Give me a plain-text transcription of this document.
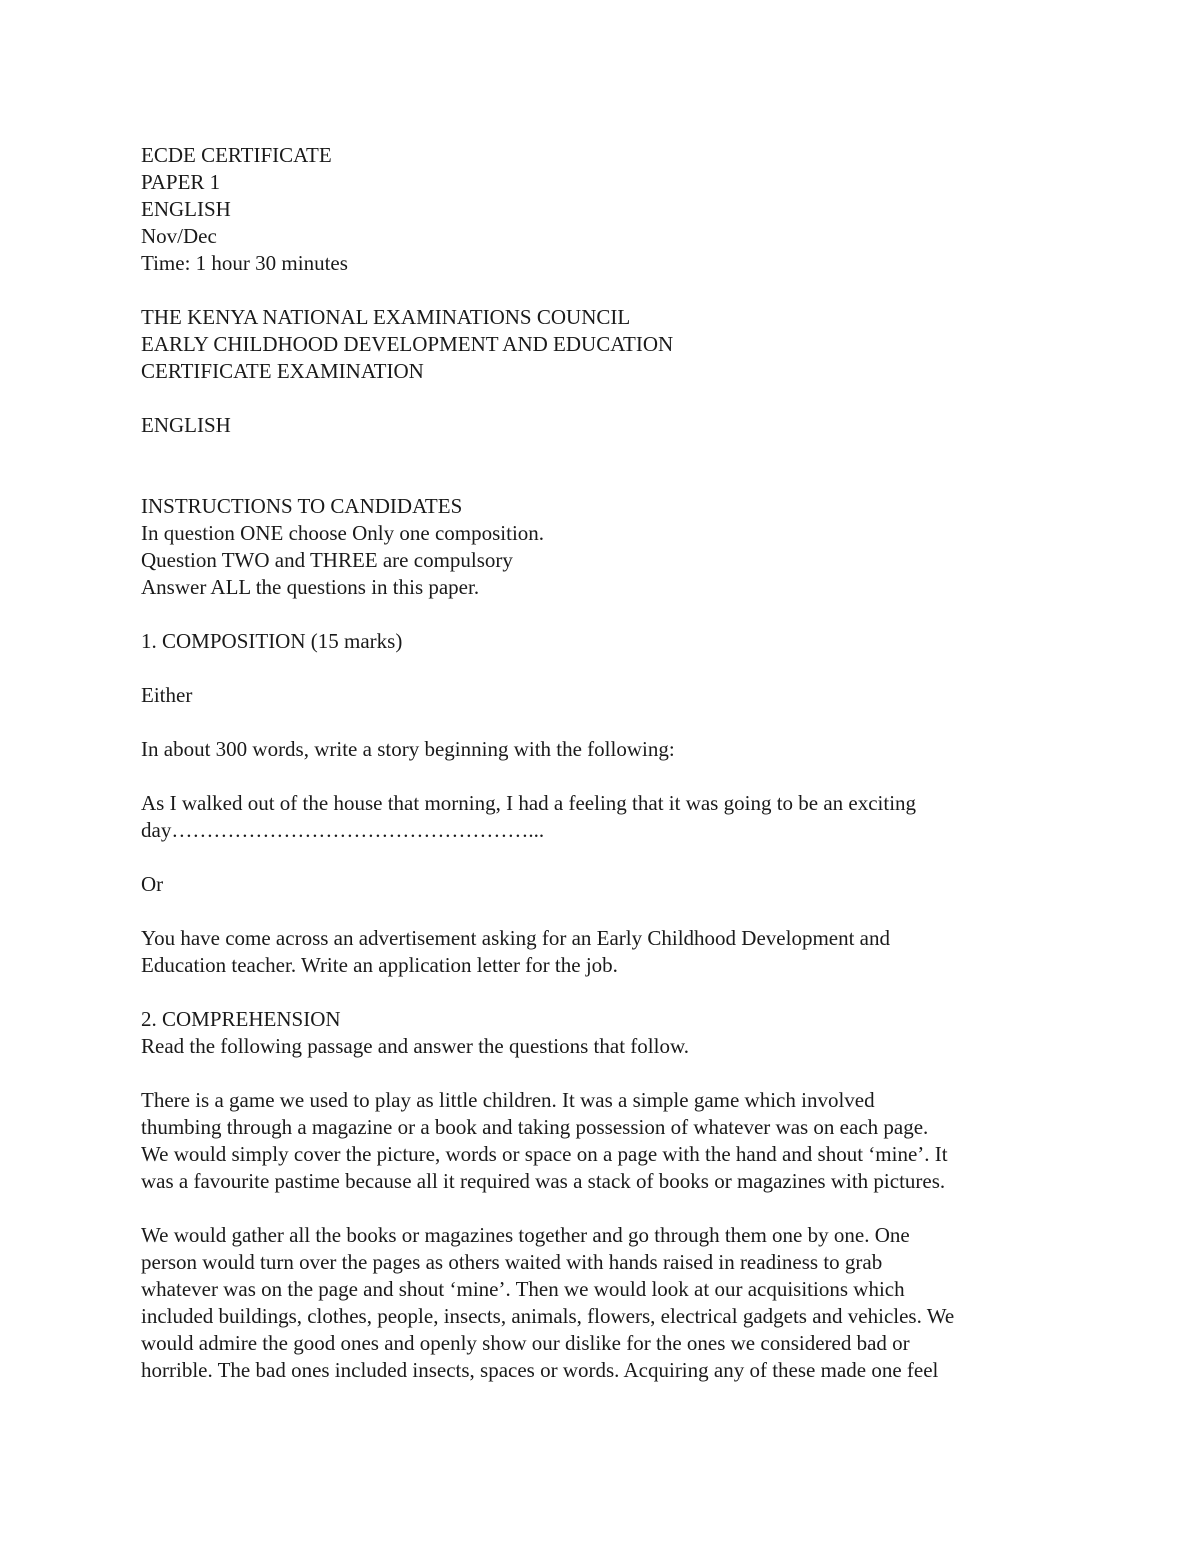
ECDE CERTIFICATE
PAPER 1
ENGLISH
Nov/Dec
Time: 1 hour 30 minutes
THE KENYA NATIONAL EXAMINATIONS COUNCIL
EARLY CHILDHOOD DEVELOPMENT AND EDUCATION
CERTIFICATE EXAMINATION
ENGLISH
INSTRUCTIONS TO CANDIDATES
In question ONE choose Only one composition.
Question TWO and THREE are compulsory
Answer ALL the questions in this paper.
1. COMPOSITION (15 marks)
Either
In about 300 words, write a story beginning with the following:
As I walked out of the house that morning, I had a feeling that it was going to be an exciting
day……………………………………………...
Or
You have come across an advertisement asking for an Early Childhood Development and
Education teacher. Write an application letter for the job.
2. COMPREHENSION
Read the following passage and answer the questions that follow.
There is a game we used to play as little children. It was a simple game which involved
thumbing through a magazine or a book and taking possession of whatever was on each page.
We would simply cover the picture, words or space on a page with the hand and shout ‘mine’. It
was a favourite pastime because all it required was a stack of books or magazines with pictures.
We would gather all the books or magazines together and go through them one by one. One
person would turn over the pages as others waited with hands raised in readiness to grab
whatever was on the page and shout ‘mine’. Then we would look at our acquisitions which
included buildings, clothes, people, insects, animals, flowers, electrical gadgets and vehicles. We
would admire the good ones and openly show our dislike for the ones we considered bad or
horrible. The bad ones included insects, spaces or words. Acquiring any of these made one feel
